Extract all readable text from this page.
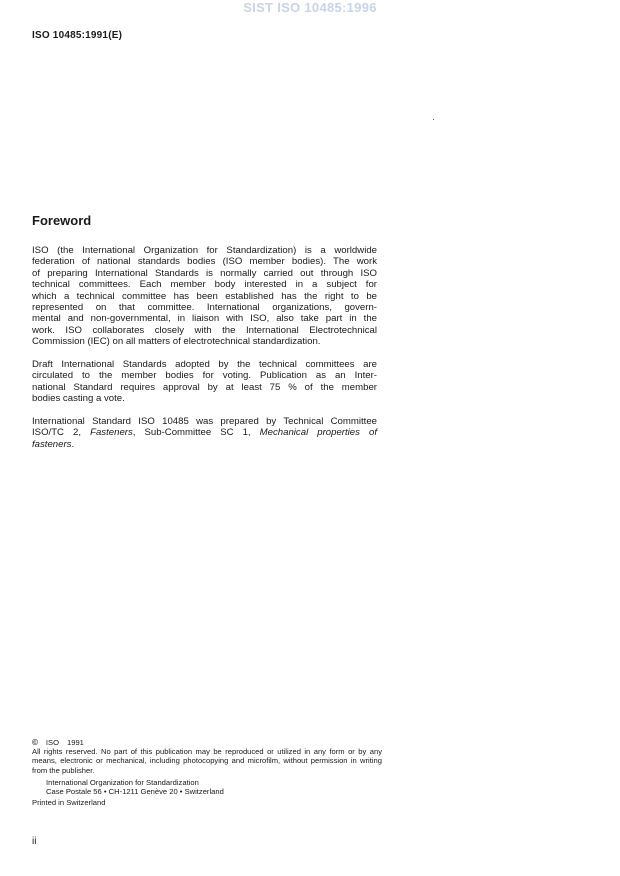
SIST ISO 10485:1996
ISO 10485:1991(E)
Foreword
ISO (the International Organization for Standardization) is a worldwide
federation of national standards bodies (ISO member bodies). The work
of preparing International Standards is normally carried out through ISO
technical committees. Each member body interested in a subject for
which a technical committee has been established has the right to be
represented on that committee. International organizations, govern-
mental and non-governmental, in liaison with ISO, also take part in the
work. ISO collaborates closely with the International Electrotechnical
Commission (IEC) on all matters of electrotechnical standardization.
Draft International Standards adopted by the technical committees are
circulated to the member bodies for voting. Publication as an Inter-
national Standard requires approval by at least 75 % of the member
bodies casting a vote.
International Standard ISO 10485 was prepared by Technical Committee
ISO/TC 2, Fasteners, Sub-Committee SC 1, Mechanical properties of
fasteners.
© ISO 1991
All rights reserved. No part of this publication may be reproduced or utilized in any form or by any means, electronic or mechanical, including photocopying and microfilm, without permission in writing from the publisher.
International Organization for Standardization
Case Postale 56 • CH-1211 Genève 20 • Switzerland
Printed in Switzerland
ii
